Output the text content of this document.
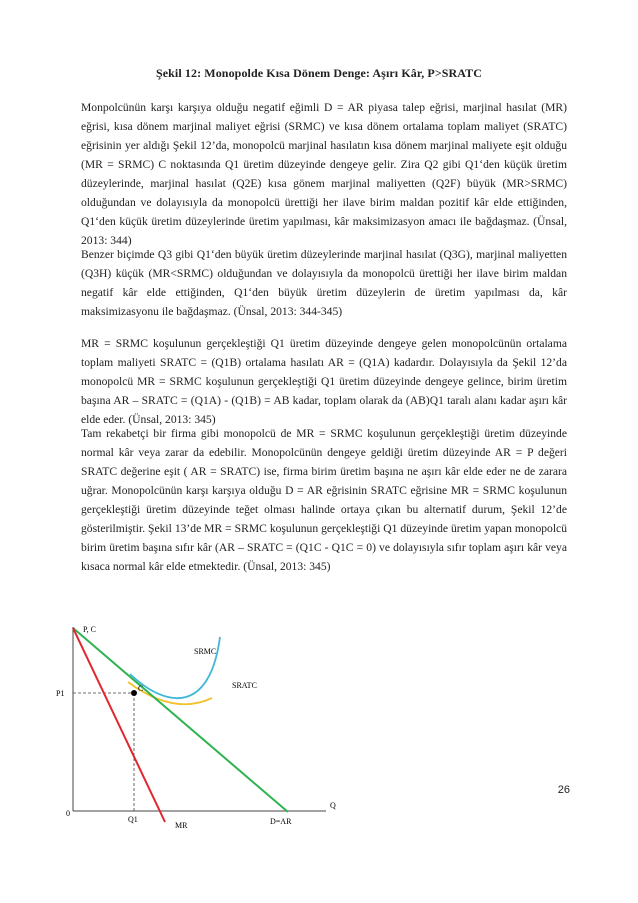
Şekil 12: Monopolde Kısa Dönem Denge: Aşırı Kâr, P>SRATC

Monpolcünün karşı karşıya olduğu negatif eğimli D = AR piyasa talep eğrisi, marjinal hasılat (MR) eğrisi, kısa dönem marjinal maliyet eğrisi (SRMC) ve kısa dönem ortalama toplam maliyet (SRATC) eğrisinin yer aldığı Şekil 12’da, monopolcü marjinal hasılatın kısa dönem marjinal maliyete eşit olduğu (MR = SRMC) C noktasında Q1 üretim düzeyinde dengeye gelir. Zira Q2 gibi Q1‘den küçük üretim düzeylerinde, marjinal hasılat (Q2E) kısa gönem marjinal maliyetten (Q2F) büyük (MR>SRMC) olduğundan ve dolayısıyla da monopolcü ürettiği her ilave birim maldan pozitif kâr elde ettiğinden, Q1‘den küçük üretim düzeylerinde üretim yapılması, kâr maksimizasyon amacı ile bağdaşmaz. (Ünsal, 2013: 344)

Benzer biçimde Q3 gibi Q1‘den büyük üretim düzeylerinde marjinal hasılat (Q3G), marjinal maliyetten (Q3H) küçük (MR<SRMC) olduğundan ve dolayısıyla da monopolcü ürettiği her ilave birim maldan negatif kâr elde ettiğinden, Q1‘den büyük üretim düzeylerin de üretim yapılması da, kâr maksimizasyonu ile bağdaşmaz. (Ünsal, 2013: 344-345)

MR = SRMC koşulunun gerçekleştiği Q1 üretim düzeyinde dengeye gelen monopolcünün ortalama toplam maliyeti SRATC = (Q1B) ortalama hasılatı AR = (Q1A) kadardır. Dolayısıyla da Şekil 12’da monopolcü MR = SRMC koşulunun gerçekleştiği Q1 üretim düzeyinde dengeye gelince, birim üretim başına AR – SRATC = (Q1A) - (Q1B) = AB kadar, toplam olarak da (AB)Q1 taralı alanı kadar aşırı kâr elde eder. (Ünsal, 2013: 345)

Tam rekabetçi bir firma gibi monopolcü de MR = SRMC koşulunun gerçekleştiği üretim düzeyinde normal kâr veya zarar da edebilir. Monopolcünün dengeye geldiği üretim düzeyinde AR = P değeri SRATC değerine eşit ( AR = SRATC) ise, firma birim üretim başına ne aşırı kâr elde eder ne de zarara uğrar. Monopolcünün karşı karşıya olduğu D = AR eğrisinin SRATC eğrisine MR = SRMC koşulunun gerçekleştiği üretim düzeyinde teğet olması halinde ortaya çıkan bu alternatif durum, Şekil 12’de gösterilmiştir. Şekil 13’de MR = SRMC koşulunun gerçekleştiği Q1 düzeyinde üretim yapan monopolcü birim üretim başına sıfır kâr (AR – SRATC = (Q1C - Q1C = 0) ve dolayısıyla sıfır toplam aşırı kâr veya kısaca normal kâr elde etmektedir. (Ünsal, 2013: 345)

P, C
Q
0
P1
Q1
C
SRMC
SRATC
MR	D=AR
26
